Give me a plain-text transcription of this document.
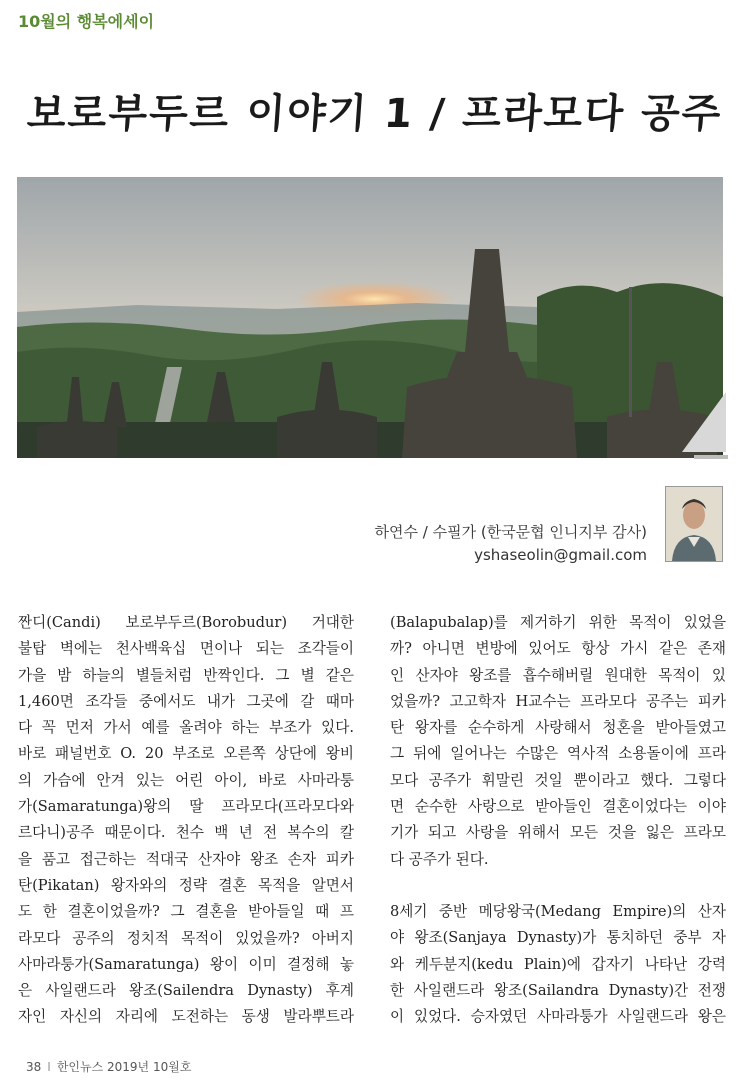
10월의 행복에세이
보로부두르 이야기 1 / 프라모다 공주
하연수 / 수필가 (한국문협 인니지부 감사)
yshaseolin@gmail.com
짠디(Candi) 보로부두르(Borobudur) 거대한
불탑 벽에는 천사백육십 면이나 되는 조각들이
가을 밤 하늘의 별들처럼 반짝인다. 그 별 같은
1,460면 조각들 중에서도 내가 그곳에 갈 때마
다 꼭 먼저 가서 예를 올려야 하는 부조가 있다.
바로 패널번호 O. 20 부조로 오른쪽 상단에 왕비
의 가슴에 안겨 있는 어린 아이, 바로 사마라퉁
가(Samaratunga)왕의 딸 프라모다(프라모다와
르다니)공주 때문이다. 천수 백 년 전 복수의 칼
을 품고 접근하는 적대국 산자야 왕조 손자 피카
탄(Pikatan) 왕자와의 정략 결혼 목적을 알면서
도 한 결혼이었을까? 그 결혼을 받아들일 때 프
라모다 공주의 정치적 목적이 있었을까? 아버지
사마라퉁가(Samaratunga) 왕이 이미 결정해 놓
은 사일랜드라 왕조(Sailendra Dynasty) 후계
자인 자신의 자리에 도전하는 동생 발라뿌트라
(Balapubalap)를 제거하기 위한 목적이 있었을
까? 아니면 변방에 있어도 항상 가시 같은 존재
인 산자야 왕조를 흡수해버릴 원대한 목적이 있
었을까? 고고학자 H교수는 프라모다 공주는 피카
탄 왕자를 순수하게 사랑해서 청혼을 받아들였고
그 뒤에 일어나는 수많은 역사적 소용돌이에 프라
모다 공주가 휘말린 것일 뿐이라고 했다. 그렇다
면 순수한 사랑으로 받아들인 결혼이었다는 이야
기가 되고 사랑을 위해서 모든 것을 잃은 프라모
다 공주가 된다.
8세기 중반 메당왕국(Medang Empire)의 산자
야 왕조(Sanjaya Dynasty)가 통치하던 중부 자
와 케두분지(kedu Plain)에 갑자기 나타난 강력
한 사일랜드라 왕조(Sailandra Dynasty)간 전쟁
이 있었다. 승자였던 사마라퉁가 사일랜드라 왕은
38 I 한인뉴스 2019년 10월호
